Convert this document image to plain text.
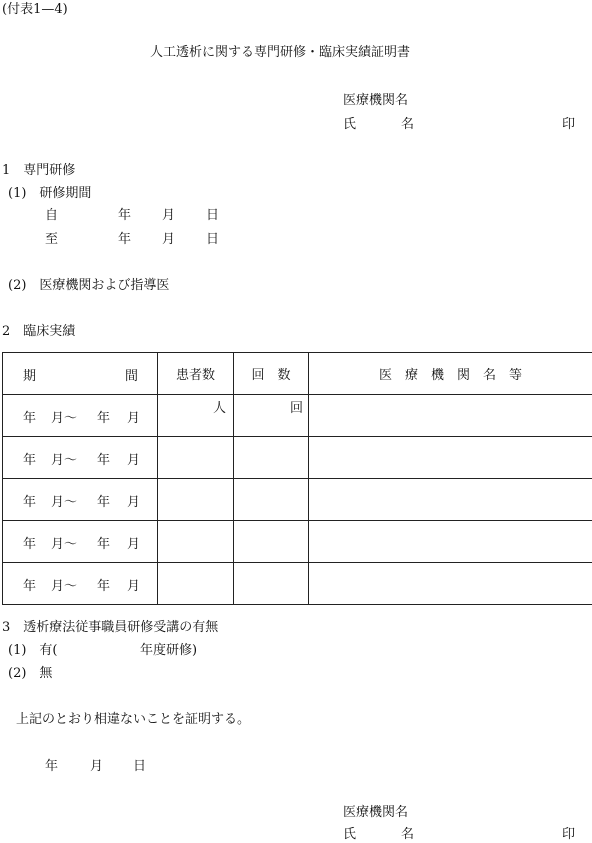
(付表1—4)
人工透析に関する専門研修・臨床実績証明書
医療機関名
氏	名	印
1　専門研修
(1)　研修期間
自	年 月 日
至	年 月 日
(2)　医療機関および指導医
2　臨床実績
期 間	患者数	回　数	医　療　機　関　名　等

年 月〜 年 月	人	回	

年 月〜 年 月			

年 月〜 年 月			

年 月〜 年 月			

年 月〜 年 月			

3　透析療法従事職員研修受講の有無
(1)　有(	年度研修)
(2)　無
上記のとおり相違ないことを証明する。
年 月 日
医療機関名
氏	名	印
